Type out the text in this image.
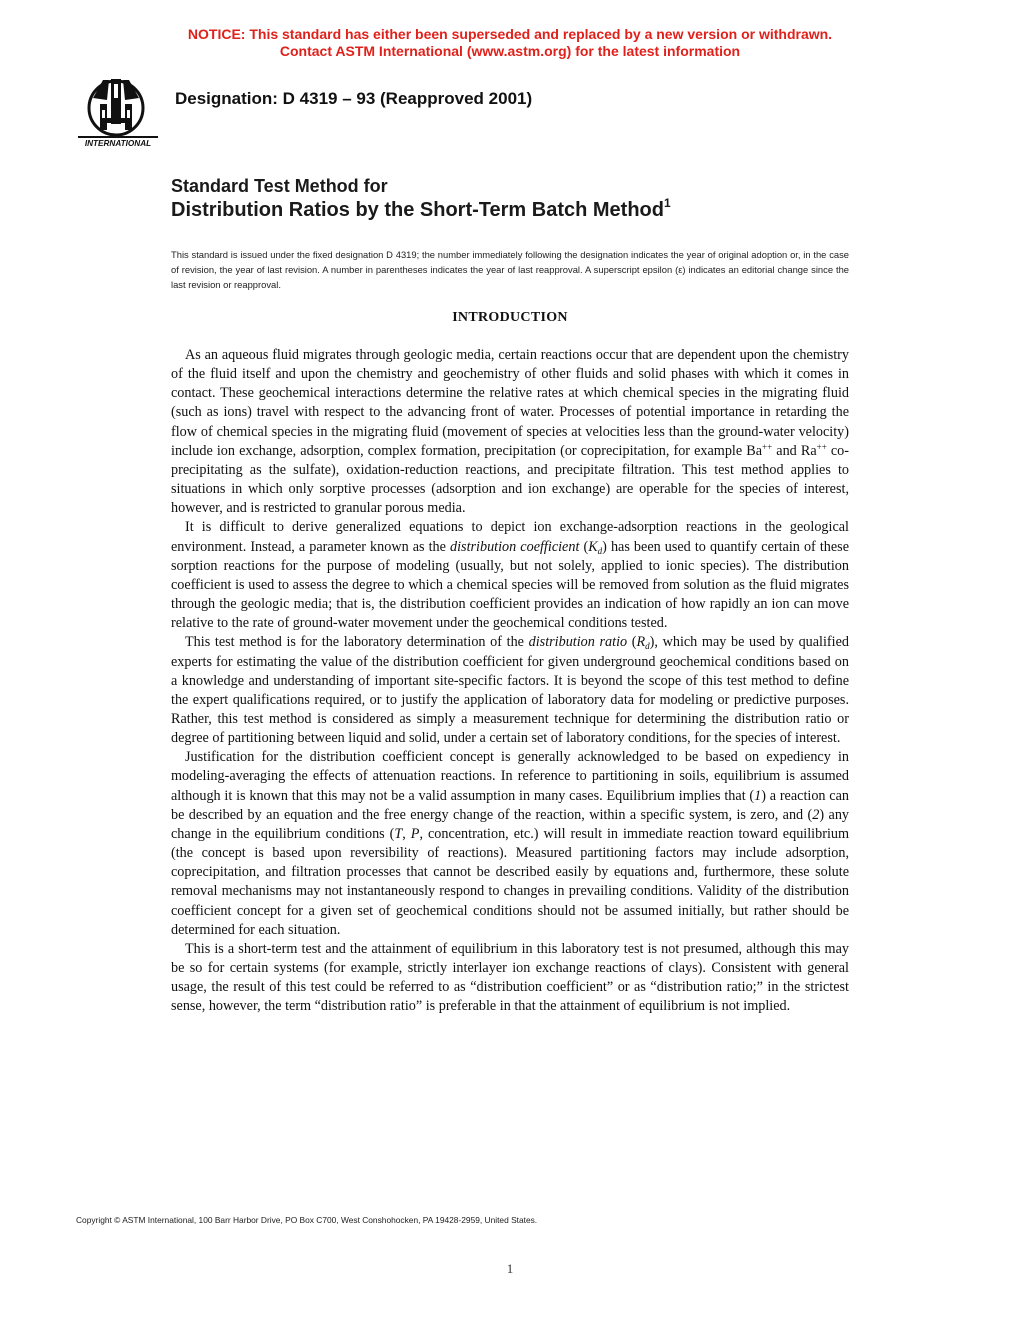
NOTICE: This standard has either been superseded and replaced by a new version or withdrawn.
Contact ASTM International (www.astm.org) for the latest information
INTERNATIONAL
Designation: D 4319 – 93 (Reapproved 2001)
Standard Test Method for
Distribution Ratios by the Short-Term Batch Method$^1$
This standard is issued under the fixed designation D 4319; the number immediately following the designation indicates the year of original adoption or, in the case of revision, the year of last revision. A number in parentheses indicates the year of last reapproval. A superscript epsilon (ε) indicates an editorial change since the last revision or reapproval.
INTRODUCTION

As an aqueous fluid migrates through geologic media, certain reactions occur that are dependent upon the chemistry of the fluid itself and upon the chemistry and geochemistry of other fluids and solid phases with which it comes in contact. These geochemical interactions determine the relative rates at which chemical species in the migrating fluid (such as ions) travel with respect to the advancing front of water. Processes of potential importance in retarding the flow of chemical species in the migrating fluid (movement of species at velocities less than the ground-water velocity) include ion exchange, adsorption, complex formation, precipitation (or coprecipitation, for example Ba++ and Ra++ co-precipitating as the sulfate), oxidation-reduction reactions, and precipitate filtration. This test method applies to situations in which only sorptive processes (adsorption and ion exchange) are operable for the species of interest, however, and is restricted to granular porous media.

It is difficult to derive generalized equations to depict ion exchange-adsorption reactions in the geological environment. Instead, a parameter known as the distribution coefficient $(K_d)$ has been used to quantify certain of these sorption reactions for the purpose of modeling (usually, but not solely, applied to ionic species). The distribution coefficient is used to assess the degree to which a chemical species will be removed from solution as the fluid migrates through the geologic media; that is, the distribution coefficient provides an indication of how rapidly an ion can move relative to the rate of ground-water movement under the geochemical conditions tested.

This test method is for the laboratory determination of the distribution ratio $(R_d)$, which may be used by qualified experts for estimating the value of the distribution coefficient for given underground geochemical conditions based on a knowledge and understanding of important site-specific factors. It is beyond the scope of this test method to define the expert qualifications required, or to justify the application of laboratory data for modeling or predictive purposes. Rather, this test method is considered as simply a measurement technique for determining the distribution ratio or degree of partitioning between liquid and solid, under a certain set of laboratory conditions, for the species of interest.

Justification for the distribution coefficient concept is generally acknowledged to be based on expediency in modeling-averaging the effects of attenuation reactions. In reference to partitioning in soils, equilibrium is assumed although it is known that this may not be a valid assumption in many cases. Equilibrium implies that (1) a reaction can be described by an equation and the free energy change of the reaction, within a specific system, is zero, and (2) any change in the equilibrium conditions (T, P, concentration, etc.) will result in immediate reaction toward equilibrium (the concept is based upon reversibility of reactions). Measured partitioning factors may include adsorption, coprecipitation, and filtration processes that cannot be described easily by equations and, furthermore, these solute removal mechanisms may not instantaneously respond to changes in prevailing conditions. Validity of the distribution coefficient concept for a given set of geochemical conditions should not be assumed initially, but rather should be determined for each situation.

This is a short-term test and the attainment of equilibrium in this laboratory test is not presumed, although this may be so for certain systems (for example, strictly interlayer ion exchange reactions of clays). Consistent with general usage, the result of this test could be referred to as “distribution coefficient” or as “distribution ratio;” in the strictest sense, however, the term “distribution ratio” is preferable in that the attainment of equilibrium is not implied.

Copyright © ASTM International, 100 Barr Harbor Drive, PO Box C700, West Conshohocken, PA 19428-2959, United States.
1
